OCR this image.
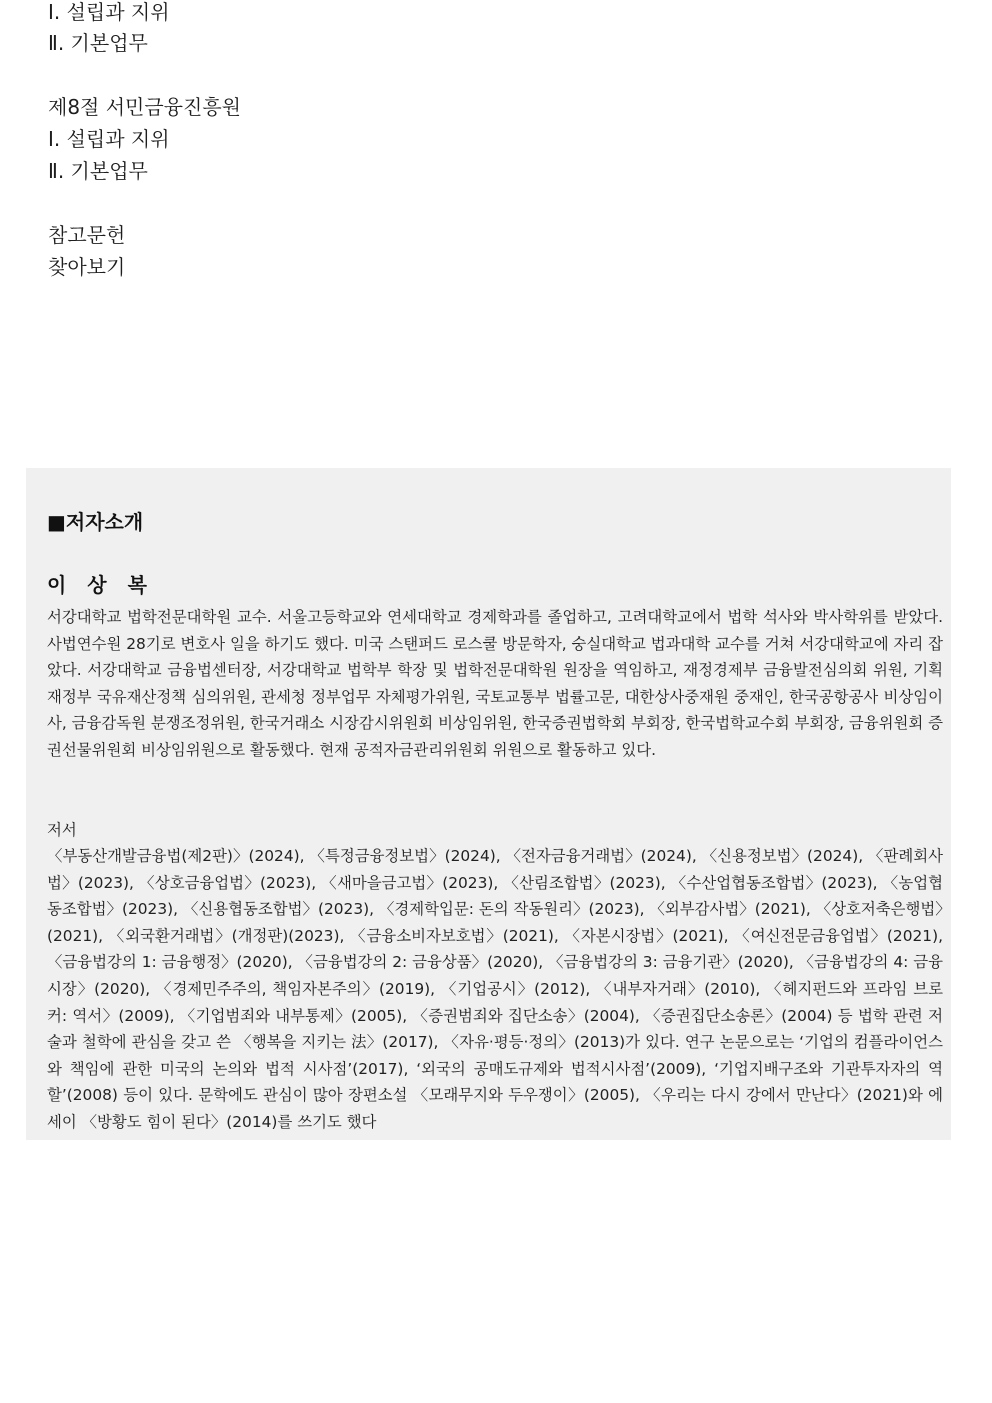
Ⅰ. 설립과 지위
Ⅱ. 기본업무
제8절 서민금융진흥원
Ⅰ. 설립과 지위
Ⅱ. 기본업무
참고문헌
찾아보기
■저자소개
이 상 복

서강대학교 법학전문대학원 교수. 서울고등학교와 연세대학교 경제학과를 졸업하고, 고려대학교에서 법학 석사와 박사학위를 받았다. 사법연수원 28기로 변호사 일을 하기도 했다. 미국 스탠퍼드 로스쿨 방문학자, 숭실대학교 법과대학 교수를 거쳐 서강대학교에 자리 잡았다. 서강대학교 금융법센터장, 서강대학교 법학부 학장 및 법학전문대학원 원장을 역임하고, 재정경제부 금융발전심의회 위원, 기획재정부 국유재산정책 심의위원, 관세청 정부업무 자체평가위원, 국토교통부 법률고문, 대한상사중재원 중재인, 한국공항공사 비상임이사, 금융감독원 분쟁조정위원, 한국거래소 시장감시위원회 비상임위원, 한국증권법학회 부회장, 한국법학교수회 부회장, 금융위원회 증권선물위원회 비상임위원으로 활동했다. 현재 공적자금관리위원회 위원으로 활동하고 있다.

저서

〈부동산개발금융법(제2판)〉(2024), 〈특정금융정보법〉(2024), 〈전자금융거래법〉(2024), 〈신용정보법〉(2024), 〈판례회사법〉(2023), 〈상호금융업법〉(2023), 〈새마을금고법〉(2023), 〈산림조합법〉(2023), 〈수산업협동조합법〉(2023), 〈농업협동조합법〉(2023), 〈신용협동조합법〉(2023), 〈경제학입문: 돈의 작동원리〉(2023), 〈외부감사법〉(2021), 〈상호저축은행법〉(2021), 〈외국환거래법〉(개정판)(2023), 〈금융소비자보호법〉(2021), 〈자본시장법〉(2021), 〈여신전문금융업법〉(2021), 〈금융법강의 1: 금융행정〉(2020), 〈금융법강의 2: 금융상품〉(2020), 〈금융법강의 3: 금융기관〉(2020), 〈금융법강의 4: 금융시장〉(2020), 〈경제민주주의, 책임자본주의〉(2019), 〈기업공시〉(2012), 〈내부자거래〉(2010), 〈헤지펀드와 프라임 브로커: 역서〉(2009), 〈기업범죄와 내부통제〉(2005), 〈증권범죄와 집단소송〉(2004), 〈증권집단소송론〉(2004) 등 법학 관련 저술과 철학에 관심을 갖고 쓴 〈행복을 지키는 法〉(2017), 〈자유·평등·정의〉(2013)가 있다. 연구 논문으로는 ‘기업의 컴플라이언스와 책임에 관한 미국의 논의와 법적 시사점’(2017), ‘외국의 공매도규제와 법적시사점’(2009), ‘기업지배구조와 기관투자자의 역할’(2008) 등이 있다. 문학에도 관심이 많아 장편소설 〈모래무지와 두우쟁이〉(2005), 〈우리는 다시 강에서 만난다〉(2021)와 에세이 〈방황도 힘이 된다〉(2014)를 쓰기도 했다
